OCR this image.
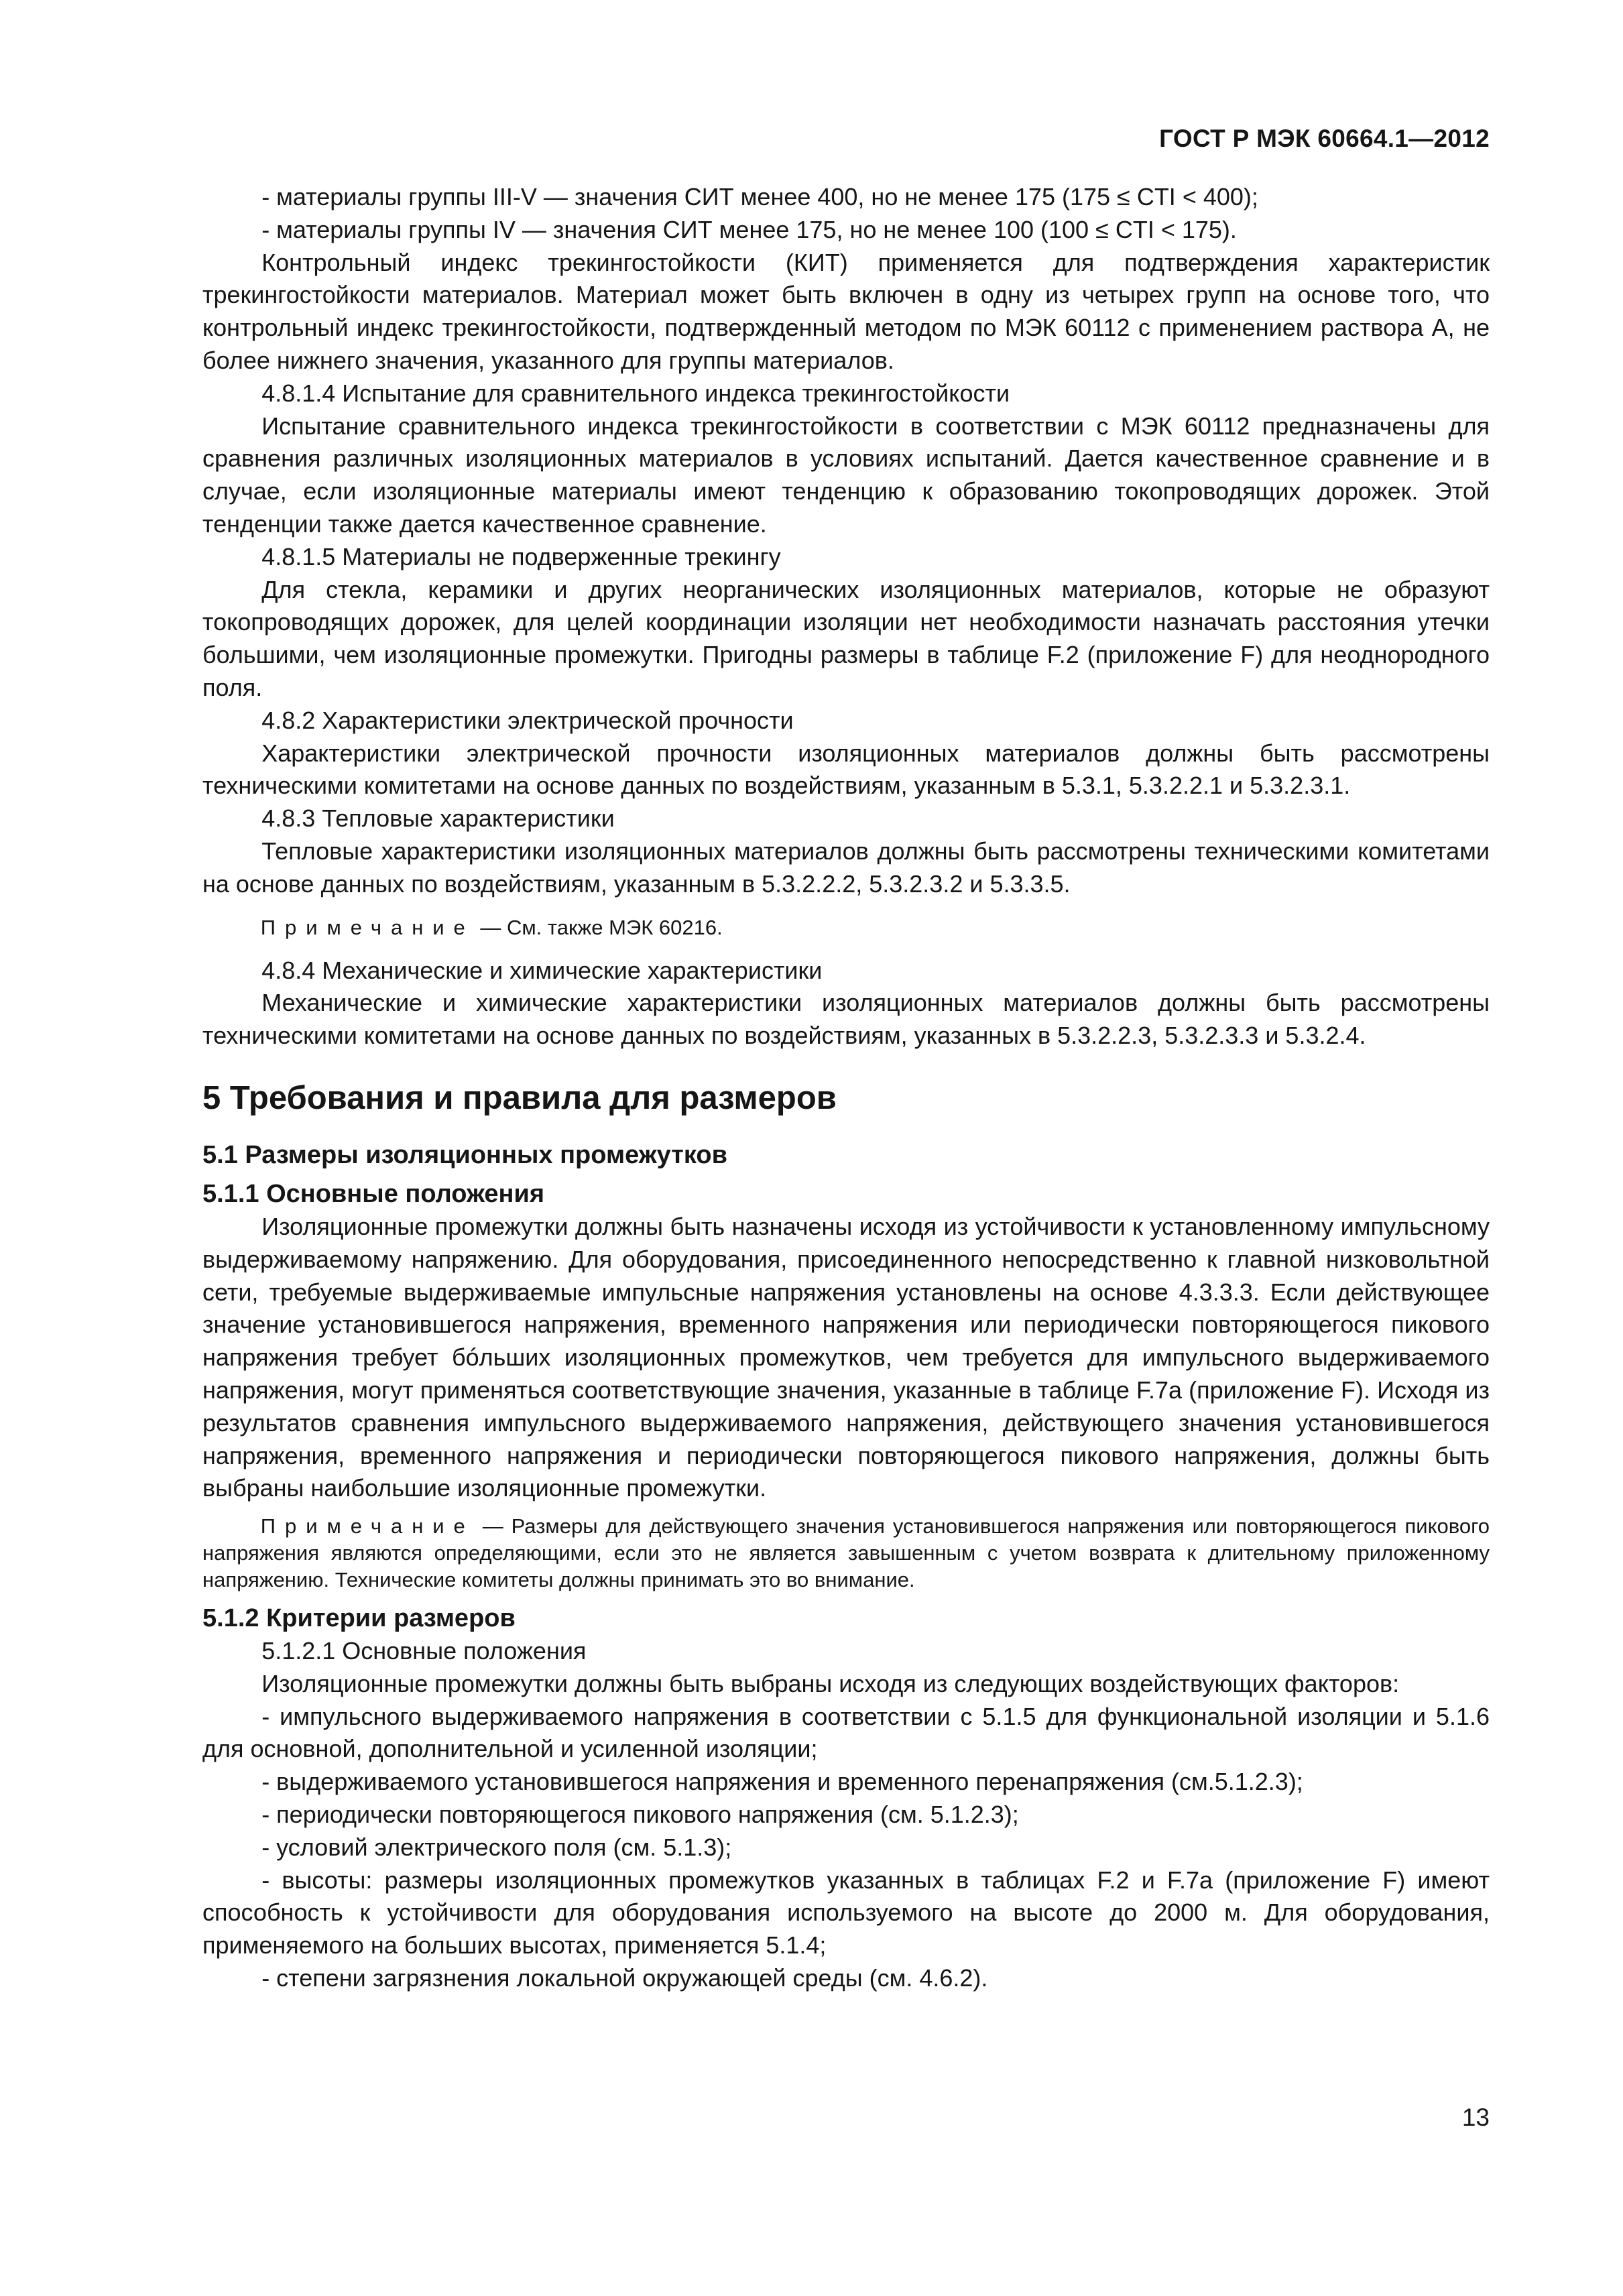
ГОСТ Р МЭК 60664.1—2012

- материалы группы III-V — значения СИТ менее 400, но не менее 175 (175 ≤ CTI < 400);

- материалы группы IV — значения СИТ менее 175, но не менее 100 (100 ≤ CTI < 175).

Контрольный индекс трекингостойкости (КИТ) применяется для подтверждения характеристик трекингостойкости материалов. Материал может быть включен в одну из четырех групп на основе того, что контрольный индекс трекингостойкости, подтвержденный методом по МЭК 60112 с применением раствора А, не более нижнего значения, указанного для группы материалов.

4.8.1.4 Испытание для сравнительного индекса трекингостойкости

Испытание сравнительного индекса трекингостойкости в соответствии с МЭК 60112 предназначены для сравнения различных изоляционных материалов в условиях испытаний. Дается качественное сравнение и в случае, если изоляционные материалы имеют тенденцию к образованию токопроводящих дорожек. Этой тенденции также дается качественное сравнение.

4.8.1.5 Материалы не подверженные трекингу

Для стекла, керамики и других неорганических изоляционных материалов, которые не образуют токопроводящих дорожек, для целей координации изоляции нет необходимости назначать расстояния утечки большими, чем изоляционные промежутки. Пригодны размеры в таблице F.2 (приложение F) для неоднородного поля.

4.8.2 Характеристики электрической прочности

Характеристики электрической прочности изоляционных материалов должны быть рассмотрены техническими комитетами на основе данных по воздействиям, указанным в 5.3.1, 5.3.2.2.1 и 5.3.2.3.1.

4.8.3 Тепловые характеристики

Тепловые характеристики изоляционных материалов должны быть рассмотрены техническими комитетами на основе данных по воздействиям, указанным в 5.3.2.2.2, 5.3.2.3.2 и 5.3.3.5.

Примечание — См. также МЭК 60216.

4.8.4 Механические и химические характеристики

Механические и химические характеристики изоляционных материалов должны быть рассмотрены техническими комитетами на основе данных по воздействиям, указанных в 5.3.2.2.3, 5.3.2.3.3 и 5.3.2.4.

5 Требования и правила для размеров
5.1 Размеры изоляционных промежутков
5.1.1 Основные положения

Изоляционные промежутки должны быть назначены исходя из устойчивости к установленному импульсному выдерживаемому напряжению. Для оборудования, присоединенного непосредственно к главной низковольтной сети, требуемые выдерживаемые импульсные напряжения установлены на основе 4.3.3.3. Если действующее значение установившегося напряжения, временного напряжения или периодически повторяющегося пикового напряжения требует бóльших изоляционных промежутков, чем требуется для импульсного выдерживаемого напряжения, могут применяться соответствующие значения, указанные в таблице F.7a (приложение F). Исходя из результатов сравнения импульсного выдерживаемого напряжения, действующего значения установившегося напряжения, временного напряжения и периодически повторяющегося пикового напряжения, должны быть выбраны наибольшие изоляционные промежутки.

Примечание — Размеры для действующего значения установившегося напряжения или повторяющегося пикового напряжения являются определяющими, если это не является завышенным с учетом возврата к длительному приложенному напряжению. Технические комитеты должны принимать это во внимание.

5.1.2 Критерии размеров

5.1.2.1 Основные положения

Изоляционные промежутки должны быть выбраны исходя из следующих воздействующих факторов:

- импульсного выдерживаемого напряжения в соответствии с 5.1.5 для функциональной изоляции и 5.1.6 для основной, дополнительной и усиленной изоляции;

- выдерживаемого установившегося напряжения и временного перенапряжения (см.5.1.2.3);

- периодически повторяющегося пикового напряжения (см. 5.1.2.3);

- условий электрического поля (см. 5.1.3);

- высоты: размеры изоляционных промежутков указанных в таблицах F.2 и F.7a (приложение F) имеют способность к устойчивости для оборудования используемого на высоте до 2000 м. Для оборудования, применяемого на больших высотах, применяется 5.1.4;

- степени загрязнения локальной окружающей среды (см. 4.6.2).

13
